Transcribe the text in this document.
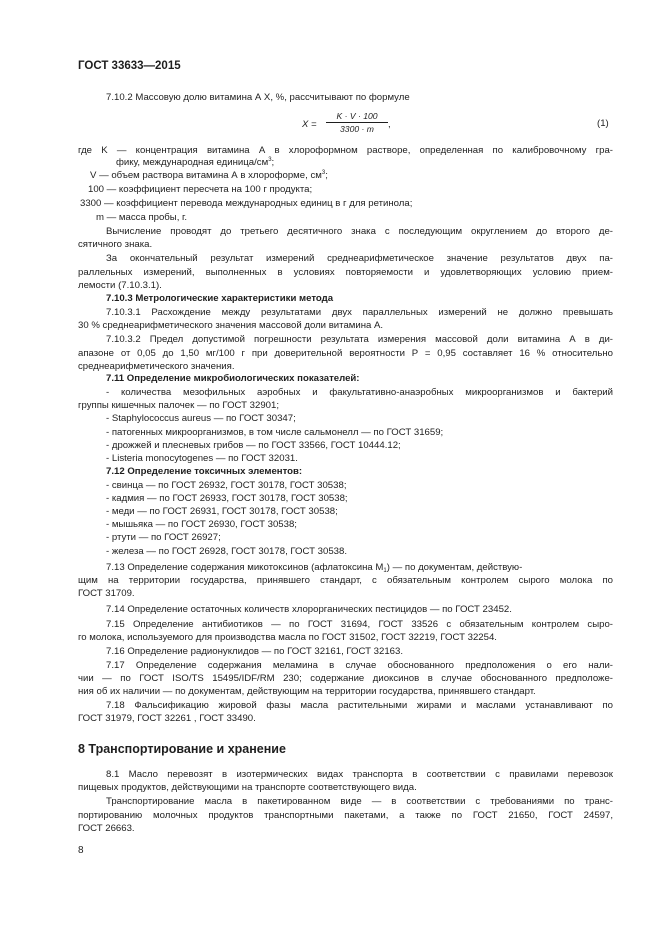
ГОСТ 33633—2015
7.10.2 Массовую долю витамина А X, %, рассчитывают по формуле
$X = \frac{K \cdot V \cdot 100}{3300 \cdot m}$ ,	(1)
где K — концентрация витамина А в хлороформном растворе, определенная по калибровочному гра-
фику, международная единица/$см^3$;
V — объем раствора витамина А в хлороформе, $см^3$;
100 — коэффициент пересчета на 100 г продукта;
3300 — коэффициент перевода международных единиц в г для ретинола;
m — масса пробы, г.
Вычисление проводят до третьего десятичного знака с последующим округлением до второго де-
сятичного знака.
За окончательный результат измерений среднеарифметическое значение результатов двух па-
раллельных измерений, выполненных в условиях повторяемости и удовлетворяющих условию прием-
лемости (7.10.3.1).
7.10.3 Метрологические характеристики метода
7.10.3.1 Расхождение между результатами двух параллельных измерений не должно превышать
30 % среднеарифметического значения массовой доли витамина А.
7.10.3.2 Предел допустимой погрешности результата измерения массовой доли витамина А в ди-
апазоне от 0,05 до 1,50 мг/100 г при доверительной вероятности P = 0,95 составляет 16 % относительно
среднеарифметического значения.
7.11 Определение микробиологических показателей:
- количества мезофильных аэробных и факультативно-анаэробных микроорганизмов и бактерий
группы кишечных палочек — по ГОСТ 32901;
- Staphylococcus aureus — по ГОСТ 30347;
- патогенных микроорганизмов, в том числе сальмонелл — по ГОСТ 31659;
- дрожжей и плесневых грибов — по ГОСТ 33566, ГОСТ 10444.12;
- Listeria monocytogenes — по ГОСТ 32031.
7.12 Определение токсичных элементов:
- свинца — по ГОСТ 26932, ГОСТ 30178, ГОСТ 30538;
- кадмия — по ГОСТ 26933, ГОСТ 30178, ГОСТ 30538;
- меди — по ГОСТ 26931, ГОСТ 30178, ГОСТ 30538;
- мышьяка — по ГОСТ 26930, ГОСТ 30538;
- ртути — по ГОСТ 26927;
- железа — по ГОСТ 26928, ГОСТ 30178, ГОСТ 30538.
7.13 Определение содержания микотоксинов (афлатоксина $M_1$) — по документам, действую-
щим на территории государства, принявшего стандарт, с обязательным контролем сырого молока по
ГОСТ 31709.
7.14 Определение остаточных количеств хлорорганических пестицидов — по ГОСТ 23452.
7.15 Определение антибиотиков — по ГОСТ 31694, ГОСТ 33526 с обязательным контролем сыро-
го молока, используемого для производства масла по ГОСТ 31502, ГОСТ 32219, ГОСТ 32254.
7.16 Определение радионуклидов — по ГОСТ 32161, ГОСТ 32163.
7.17 Определение содержания меламина в случае обоснованного предположения о его нали-
чии — по ГОСТ ISO/TS 15495/IDF/RM 230; содержание диоксинов в случае обоснованного предположе-
ния об их наличии — по документам, действующим на территории государства, принявшего стандарт.
7.18 Фальсификацию жировой фазы масла растительными жирами и маслами устанавливают по
ГОСТ 31979, ГОСТ 32261 , ГОСТ 33490.
8 Транспортирование и хранение
8.1 Масло перевозят в изотермических видах транспорта в соответствии с правилами перевозок
пищевых продуктов, действующими на транспорте соответствующего вида.
Транспортирование масла в пакетированном виде — в соответствии с требованиями по транс-
портированию молочных продуктов транспортными пакетами, а также по ГОСТ 21650, ГОСТ 24597,
ГОСТ 26663.
8
